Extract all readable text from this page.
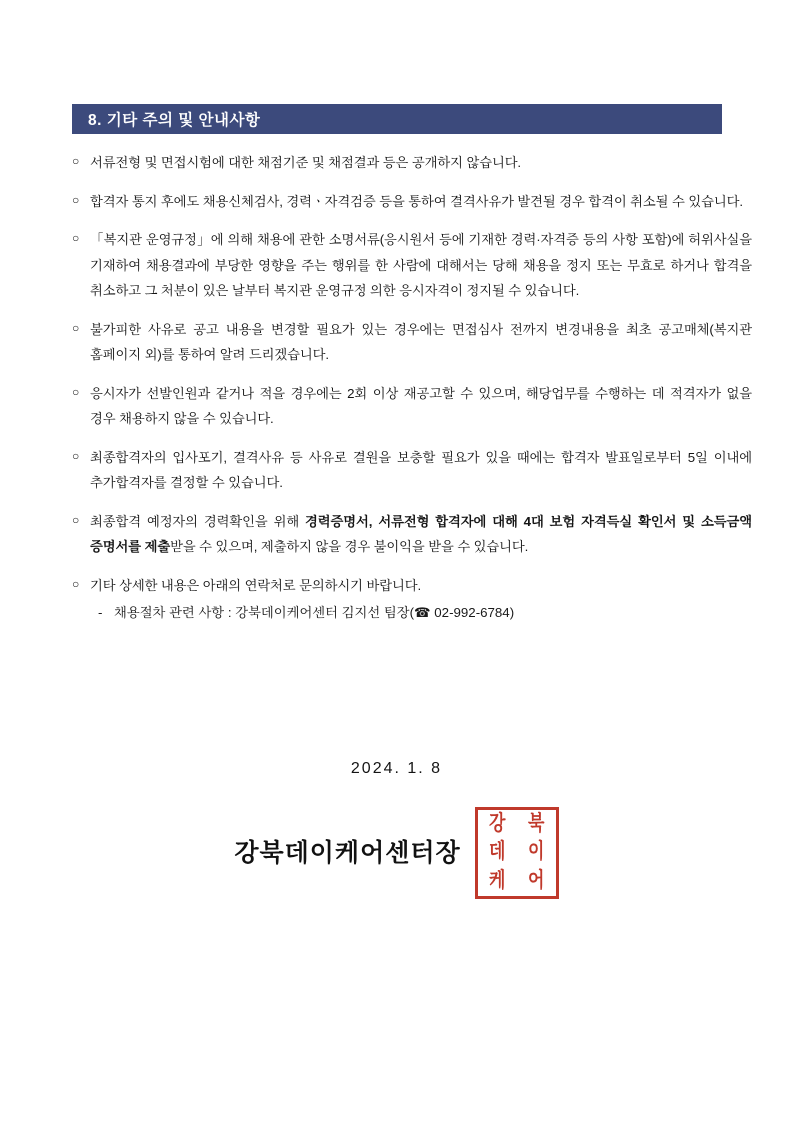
8. 기타 주의 및 안내사항
○ 서류전형 및 면접시험에 대한 채점기준 및 채점결과 등은 공개하지 않습니다.
○ 합격자 통지 후에도 채용신체검사, 경력ㆍ자격검증 등을 통하여 결격사유가 발견될 경우 합격이 취소될 수 있습니다.
○ 「복지관 운영규정」에 의해 채용에 관한 소명서류(응시원서 등에 기재한 경력·자격증 등의 사항 포함)에 허위사실을 기재하여 채용결과에 부당한 영향을 주는 행위를 한 사람에 대해서는 당해 채용을 정지 또는 무효로 하거나 합격을 취소하고 그 처분이 있은 날부터 복지관 운영규정 의한 응시자격이 정지될 수 있습니다.
○ 불가피한 사유로 공고 내용을 변경할 필요가 있는 경우에는 면접심사 전까지 변경내용을 최초 공고매체(복지관 홈페이지 외)를 통하여 알려 드리겠습니다.
○ 응시자가 선발인원과 같거나 적을 경우에는 2회 이상 재공고할 수 있으며, 해당업무를 수행하는 데 적격자가 없을 경우 채용하지 않을 수 있습니다.
○ 최종합격자의 입사포기, 결격사유 등 사유로 결원을 보충할 필요가 있을 때에는 합격자 발표일로부터 5일 이내에 추가합격자를 결정할 수 있습니다.
○ 최종합격 예정자의 경력확인을 위해 경력증명서, 서류전형 합격자에 대해 4대 보험 자격득실 확인서 및 소득금액 증명서를 제출받을 수 있으며, 제출하지 않을 경우 불이익을 받을 수 있습니다.
○ 기타 상세한 내용은 아래의 연락처로 문의하시기 바랍니다.
- 채용절차 관련 사항 : 강북데이케어센터 김지선 팀장(☎ 02-992-6784)
2024. 1. 8
강북데이케어센터장
강 북
데 이
케 어
